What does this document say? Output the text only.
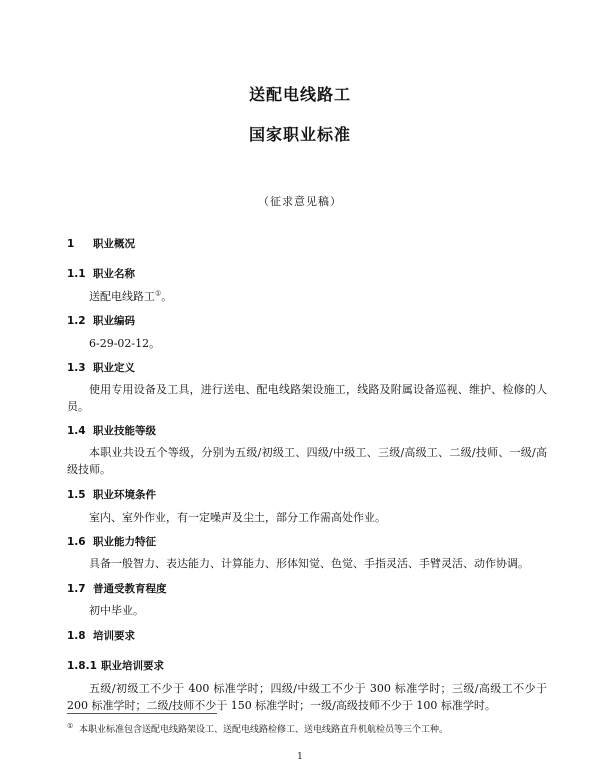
送配电线路工
国家职业标准
（征求意见稿）
1 职业概况
1.1 职业名称
送配电线路工①。
1.2 职业编码
6-29-02-12。
1.3 职业定义
使用专用设备及工具，进行送电、配电线路架设施工，线路及附属设备巡视、维护、检修的人员。
1.4 职业技能等级
本职业共设五个等级，分别为五级/初级工、四级/中级工、三级/高级工、二级/技师、一级/高级技师。
1.5 职业环境条件
室内、室外作业，有一定噪声及尘土，部分工作需高处作业。
1.6 职业能力特征
具备一般智力、表达能力、计算能力、形体知觉、色觉、手指灵活、手臂灵活、动作协调。
1.7 普通受教育程度
初中毕业。
1.8 培训要求
1.8.1 职业培训要求
五级/初级工不少于 400 标准学时；四级/中级工不少于 300 标准学时；三级/高级工不少于 200 标准学时；二级/技师不少于 150 标准学时；一级/高级技师不少于 100 标准学时。
① 本职业标准包含送配电线路架设工、送配电线路检修工、送电线路直升机航检员等三个工种。
1
